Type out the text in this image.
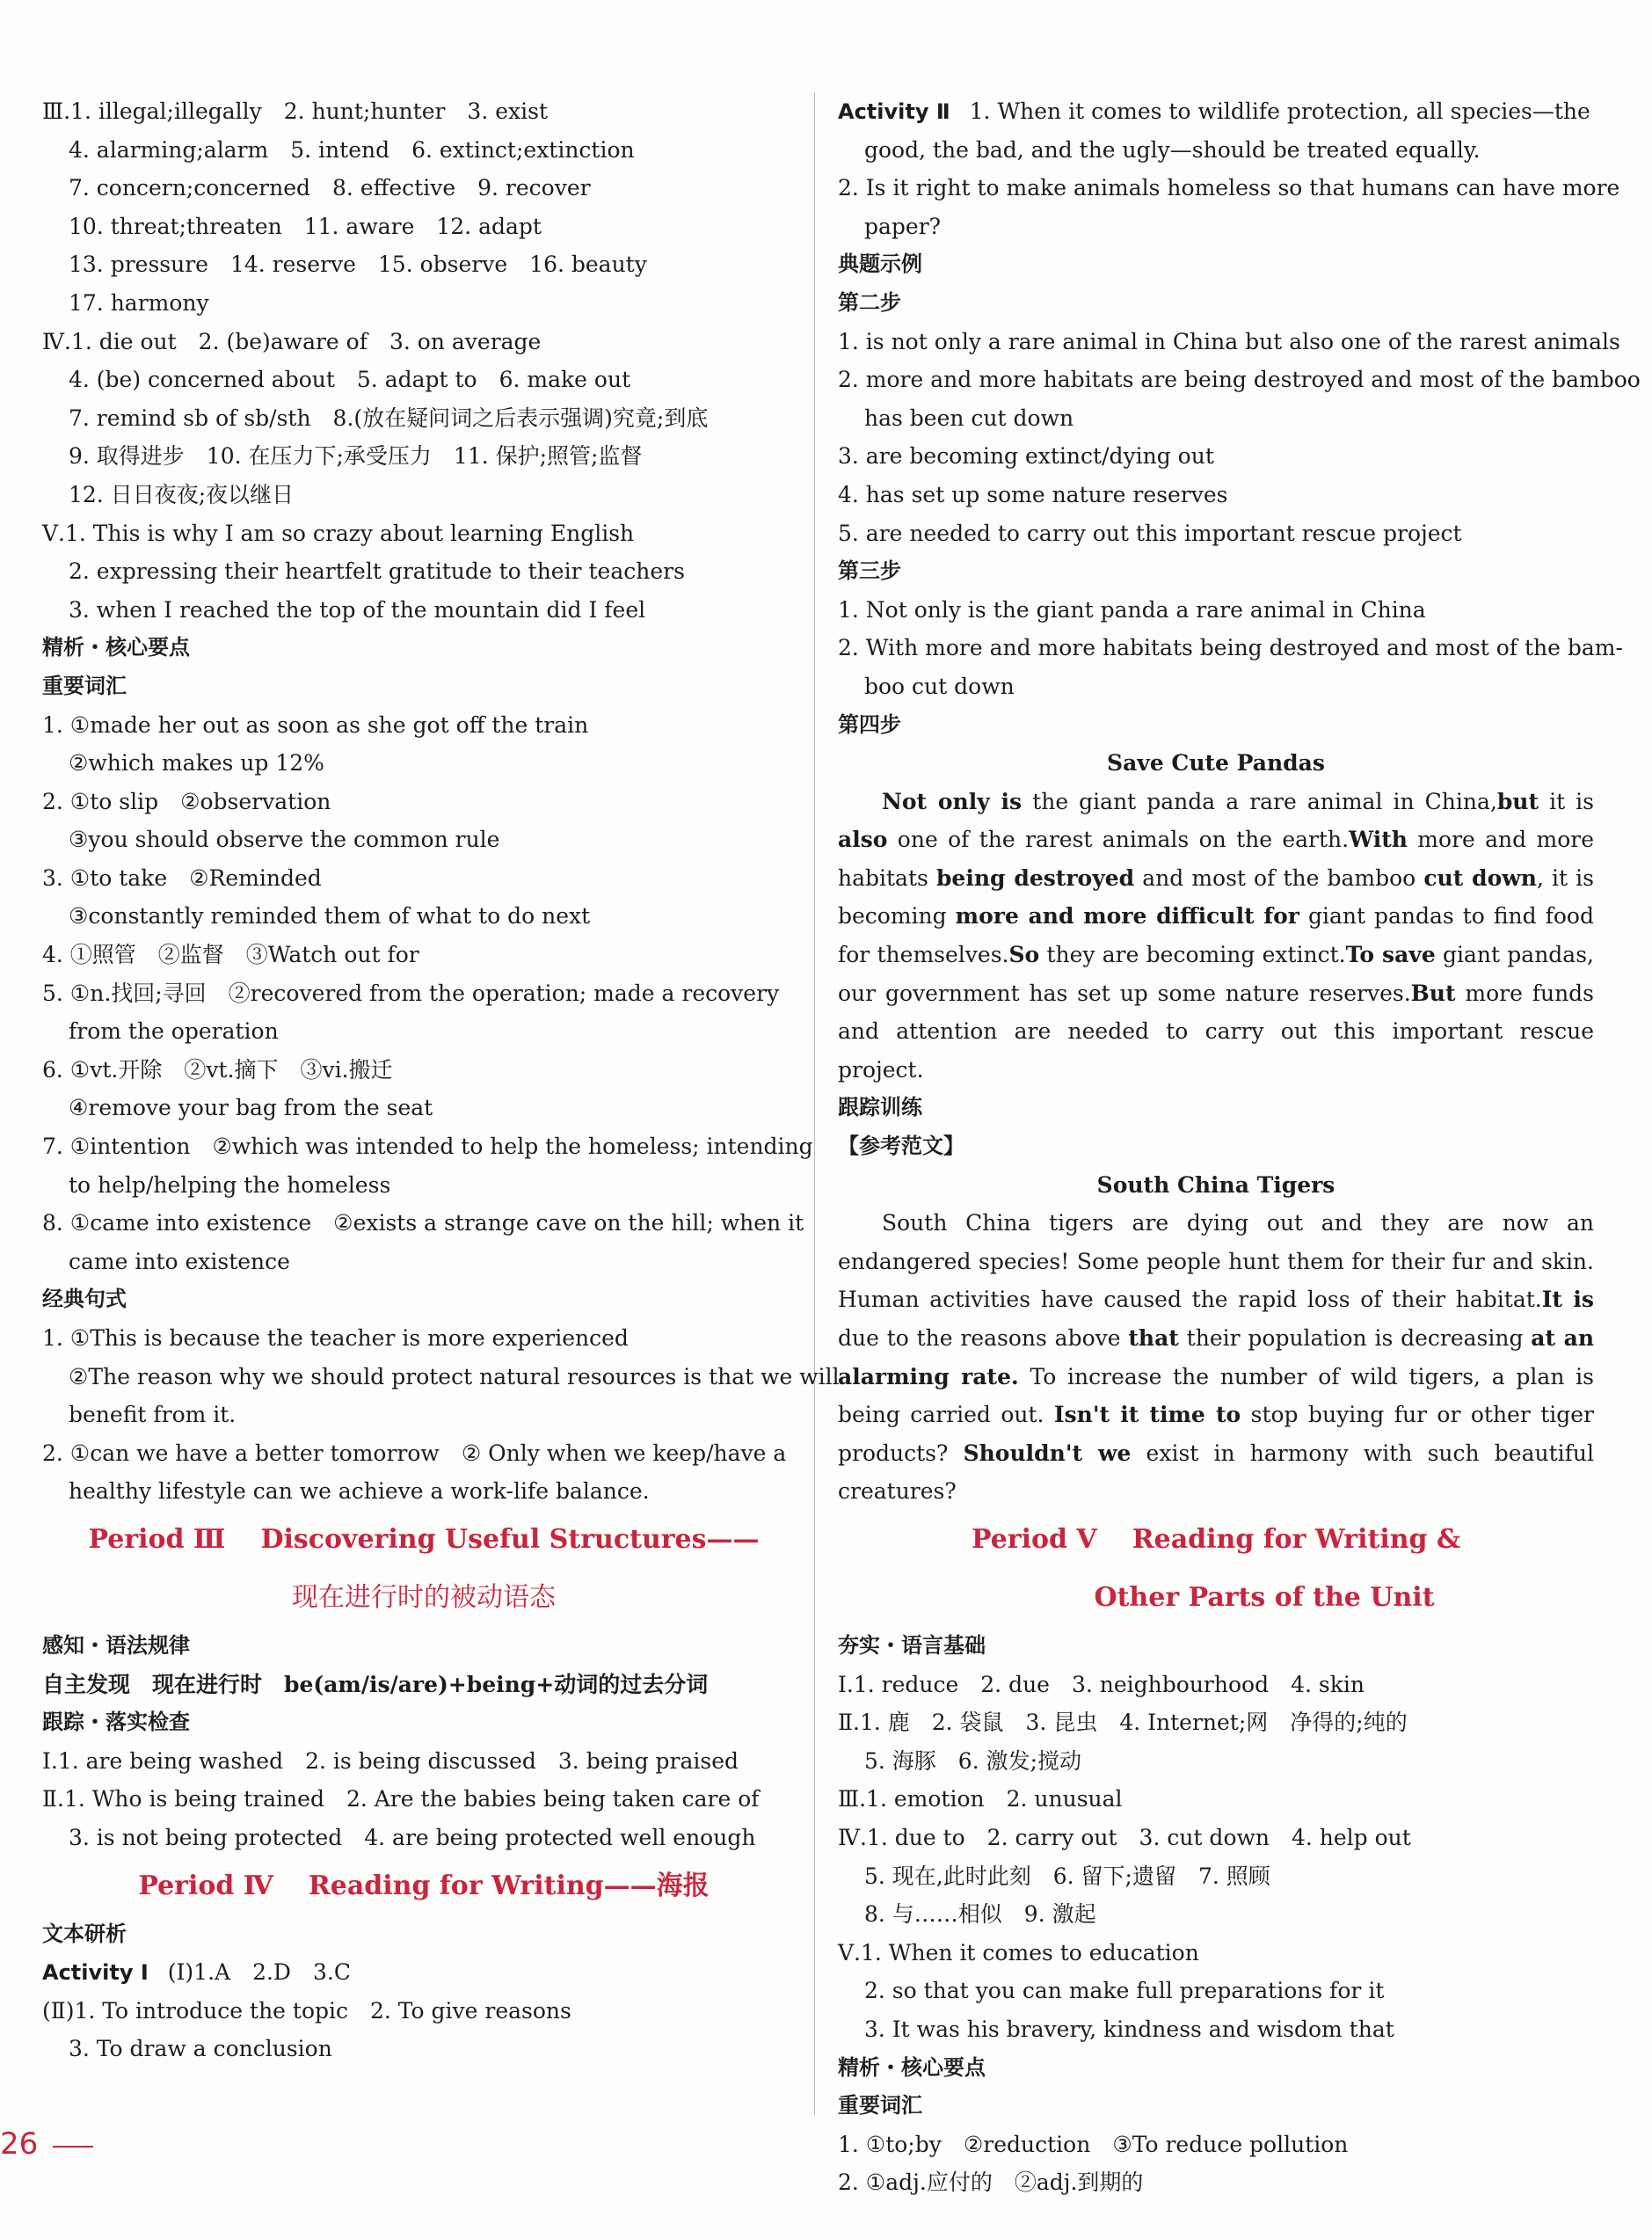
Ⅲ.1. illegal;illegally　2. hunt;hunter　3. exist
4. alarming;alarm　5. intend　6. extinct;extinction
7. concern;concerned　8. effective　9. recover
10. threat;threaten　11. aware　12. adapt
13. pressure　14. reserve　15. observe　16. beauty
17. harmony
Ⅳ.1. die out　2. (be)aware of　3. on average
4. (be) concerned about　5. adapt to　6. make out
7. remind sb of sb/sth　8.(放在疑问词之后表示强调)究竟;到底
9. 取得进步　10. 在压力下;承受压力　11. 保护;照管;监督
12. 日日夜夜;夜以继日
Ⅴ.1. This is why I am so crazy about learning English
2. expressing their heartfelt gratitude to their teachers
3. when I reached the top of the mountain did I feel
精析・核心要点
重要词汇
1. ①made her out as soon as she got off the train
②which makes up 12%
2. ①to slip　②observation
③you should observe the common rule
3. ①to take　②Reminded
③constantly reminded them of what to do next
4. ①照管　②监督　③Watch out for
5. ①n.找回;寻回　②recovered from the operation; made a recovery
from the operation
6. ①vt.开除　②vt.摘下　③vi.搬迁
④remove your bag from the seat
7. ①intention　②which was intended to help the homeless; intending
to help/helping the homeless
8. ①came into existence　②exists a strange cave on the hill; when it
came into existence
经典句式
1. ①This is because the teacher is more experienced
②The reason why we should protect natural resources is that we will
benefit from it.
2. ①can we have a better tomorrow　② Only when we keep/have a
healthy lifestyle can we achieve a work-life balance.
Period Ⅲ Discovering Useful Structures——
现在进行时的被动语态
感知・语法规律
自主发现　现在进行时　be(am/is/are)+being+动词的过去分词
跟踪・落实检查
Ⅰ.1. are being washed　2. is being discussed　3. being praised
Ⅱ.1. Who is being trained　2. Are the babies being taken care of
3. is not being protected　4. are being protected well enough
Period Ⅳ Reading for Writing——海报
文本研析
Activity Ⅰ (Ⅰ)1.A　2.D　3.C
(Ⅱ)1. To introduce the topic　2. To give reasons
3. To draw a conclusion
Activity Ⅱ 1. When it comes to wildlife protection, all species—the
good, the bad, and the ugly—should be treated equally.
2. Is it right to make animals homeless so that humans can have more
paper?
典题示例
第二步
1. is not only a rare animal in China but also one of the rarest animals
2. more and more habitats are being destroyed and most of the bamboo
has been cut down
3. are becoming extinct/dying out
4. has set up some nature reserves
5. are needed to carry out this important rescue project
第三步
1. Not only is the giant panda a rare animal in China
2. With more and more habitats being destroyed and most of the bam-
boo cut down
第四步
Save Cute Pandas

Not only is the giant panda a rare animal in China,but it is also one of the rarest animals on the earth.With more and more habitats being destroyed and most of the bamboo cut down, it is becoming more and more difficult for giant pandas to find food for themselves.So they are becoming extinct.To save giant pandas, our government has set up some nature reserves.But more funds and attention are needed to carry out this important rescue project.

跟踪训练
【参考范文】
South China Tigers

South China tigers are dying out and they are now an endangered species! Some people hunt them for their fur and skin. Human activities have caused the rapid loss of their habitat.It is due to the reasons above that their population is decreasing at an alarming rate. To increase the number of wild tigers, a plan is being carried out. Isn't it time to stop buying fur or other tiger products? Shouldn't we exist in harmony with such beautiful creatures?

Period Ⅴ Reading for Writing &
Other Parts of the Unit
夯实・语言基础
Ⅰ.1. reduce　2. due　3. neighbourhood　4. skin
Ⅱ.1. 鹿　2. 袋鼠　3. 昆虫　4. Internet;网　净得的;纯的
5. 海豚　6. 激发;搅动
Ⅲ.1. emotion　2. unusual
Ⅳ.1. due to　2. carry out　3. cut down　4. help out
5. 现在,此时此刻　6. 留下;遗留　7. 照顾
8. 与……相似　9. 激起
Ⅴ.1. When it comes to education
2. so that you can make full preparations for it
3. It was his bravery, kindness and wisdom that
精析・核心要点
重要词汇
1. ①to;by　②reduction　③To reduce pollution
2. ①adj.应付的　②adj.到期的
26
